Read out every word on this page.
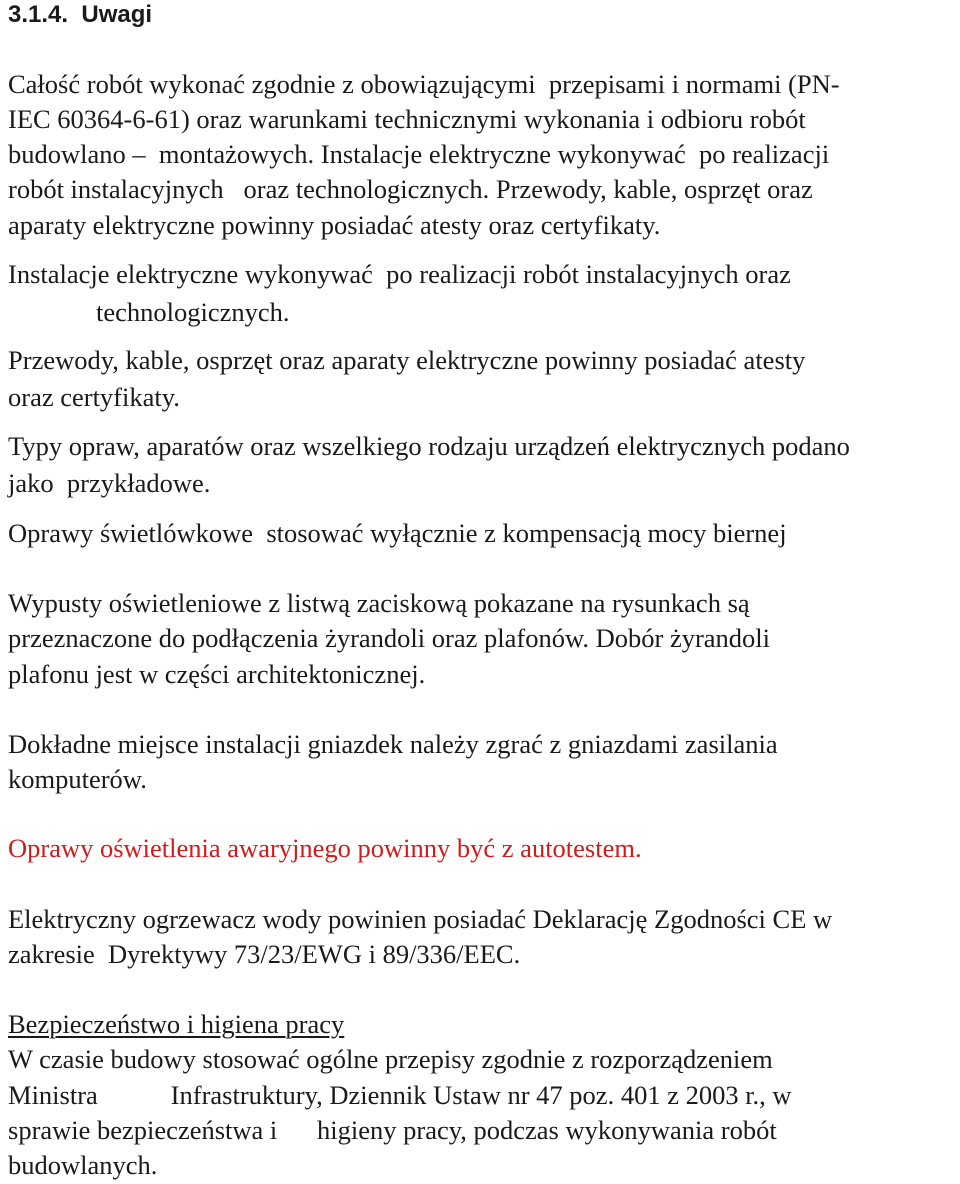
3.1.4. Uwagi
Całość robót wykonać zgodnie z obowiązującymi  przepisami i normami (PN-
IEC 60364-6-61) oraz warunkami technicznymi wykonania i odbioru robót
budowlano –  montażowych. Instalacje elektryczne wykonywać  po realizacji
robót instalacyjnych   oraz technologicznych. Przewody, kable, osprzęt oraz
aparaty elektryczne powinny posiadać atesty oraz certyfikaty.
Instalacje elektryczne wykonywać  po realizacji robót instalacyjnych oraz
technologicznych.
Przewody, kable, osprzęt oraz aparaty elektryczne powinny posiadać atesty
oraz certyfikaty.
Typy opraw, aparatów oraz wszelkiego rodzaju urządzeń elektrycznych podano
jako  przykładowe.
Oprawy świetlówkowe  stosować wyłącznie z kompensacją mocy biernej
Wypusty oświetleniowe z listwą zaciskową pokazane na rysunkach są
przeznaczone do podłączenia żyrandoli oraz plafonów. Dobór żyrandoli
plafonu jest w części architektonicznej.
Dokładne miejsce instalacji gniazdek należy zgrać z gniazdami zasilania
komputerów.
Oprawy oświetlenia awaryjnego powinny być z autotestem.
Elektryczny ogrzewacz wody powinien posiadać Deklarację Zgodności CE w
zakresie  Dyrektywy 73/23/EWG i 89/336/EEC.
Bezpieczeństwo i higiena pracy
W czasie budowy stosować ogólne przepisy zgodnie z rozporządzeniem
Ministra           Infrastruktury, Dziennik Ustaw nr 47 poz. 401 z 2003 r., w
sprawie bezpieczeństwa i      higieny pracy, podczas wykonywania robót
budowlanych.
